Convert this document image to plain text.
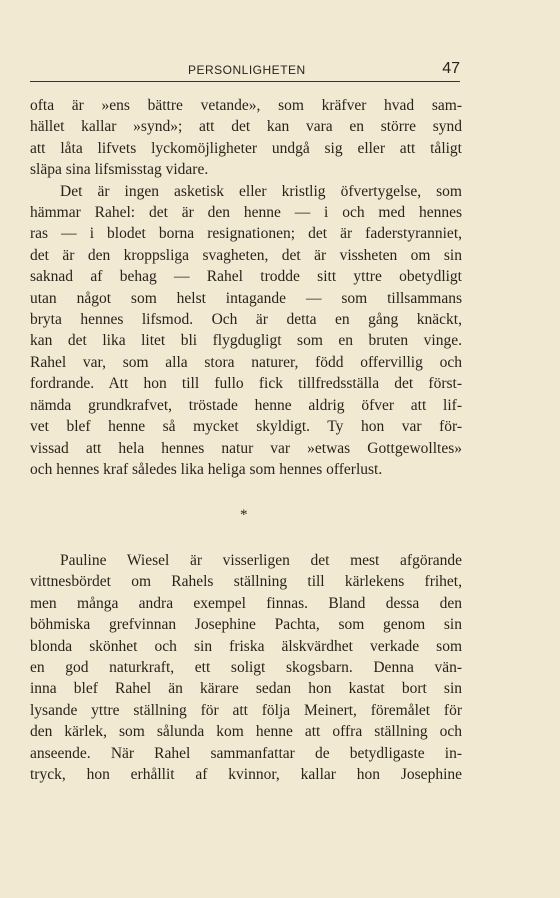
PERSONLIGHETEN	47
ofta är »ens bättre vetande», som kräfver hvad sam-
hället kallar »synd»; att det kan vara en större synd
att låta lifvets lyckomöjligheter undgå sig eller att tåligt
släpa sina lifsmisstag vidare.
Det är ingen asketisk eller kristlig öfvertygelse, som
hämmar Rahel: det är den henne — i och med hennes
ras — i blodet borna resignationen; det är faderstyranniet,
det är den kroppsliga svagheten, det är vissheten om sin
saknad af behag — Rahel trodde sitt yttre obetydligt
utan något som helst intagande — som tillsammans
bryta hennes lifsmod. Och är detta en gång knäckt,
kan det lika litet bli flygdugligt som en bruten vinge.
Rahel var, som alla stora naturer, född offervillig och
fordrande. Att hon till fullo fick tillfredsställa det först-
nämda grundkrafvet, tröstade henne aldrig öfver att lif-
vet blef henne så mycket skyldigt. Ty hon var för-
vissad att hela hennes natur var »etwas Gottgewolltes»
och hennes kraf således lika heliga som hennes offerlust.
*
Pauline Wiesel är visserligen det mest afgörande
vittnesbördet om Rahels ställning till kärlekens frihet,
men många andra exempel finnas. Bland dessa den
böhmiska grefvinnan Josephine Pachta, som genom sin
blonda skönhet och sin friska älskvärdhet verkade som
en god naturkraft, ett soligt skogsbarn. Denna vän-
inna blef Rahel än kärare sedan hon kastat bort sin
lysande yttre ställning för att följa Meinert, föremålet för
den kärlek, som sålunda kom henne att offra ställning och
anseende. När Rahel sammanfattar de betydligaste in-
tryck, hon erhållit af kvinnor, kallar hon Josephine
